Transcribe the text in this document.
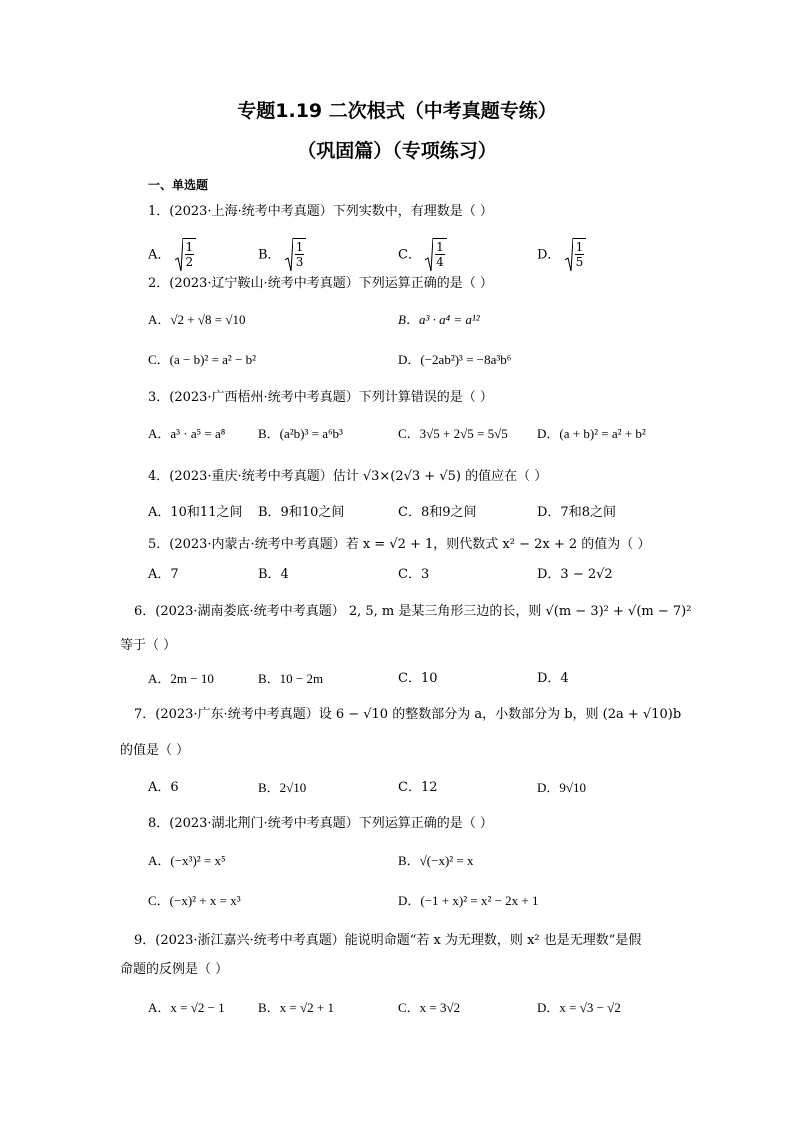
专题1.19 二次根式（中考真题专练）
（巩固篇）（专项练习）
一、单选题
1．(2023·上海·统考中考真题）下列实数中，有理数是（ ）
A． $\frac{1}{2}$	B． $\frac{1}{3}$	C． $\frac{1}{4}$	D． $\frac{1}{5}$
2．(2023·辽宁鞍山·统考中考真题）下列运算正确的是（ ）
A．√2 + √8 = √10	B．a³ · a⁴ = a¹²
C．(a − b)² = a² − b²	D．(−2ab²)³ = −8a³b⁶
3．(2023·广西梧州·统考中考真题）下列计算错误的是（ ）
A．a³ · a⁵ = a⁸	B．(a²b)³ = a⁶b³	C．3√5 + 2√5 = 5√5 D．(a + b)² = a² + b²
4．(2023·重庆·统考中考真题）估计 √3×(2√3 + √5) 的值应在（ ）
A．10和11之间 B．9和10之间	C．8和9之间	D．7和8之间
5．(2023·内蒙古·统考中考真题）若 x = √2 + 1，则代数式 x² − 2x + 2 的值为（ ）
A．7	B．4	C．3	D．3 − 2√2
6．(2023·湖南娄底·统考中考真题） 2, 5, m 是某三角形三边的长，则 √(m − 3)² + √(m − 7)²
等于（ ）
A．2m − 10	B．10 − 2m	C．10	D．4
7．(2023·广东·统考中考真题）设 6 − √10 的整数部分为 a，小数部分为 b，则 (2a + √10)b
的值是（ ）
A．6	B．2√10	C．12	D．9√10
8．(2023·湖北荆门·统考中考真题）下列运算正确的是（ ）
A．(−x³)² = x⁵	B．√(−x)² = x
C．(−x)² + x = x³	D．(−1 + x)² = x² − 2x + 1
9．(2023·浙江嘉兴·统考中考真题）能说明命题“若 x 为无理数，则 x² 也是无理数”是假
命题的反例是（ ）
A．x = √2 − 1	B．x = √2 + 1	C．x = 3√2	D．x = √3 − √2
